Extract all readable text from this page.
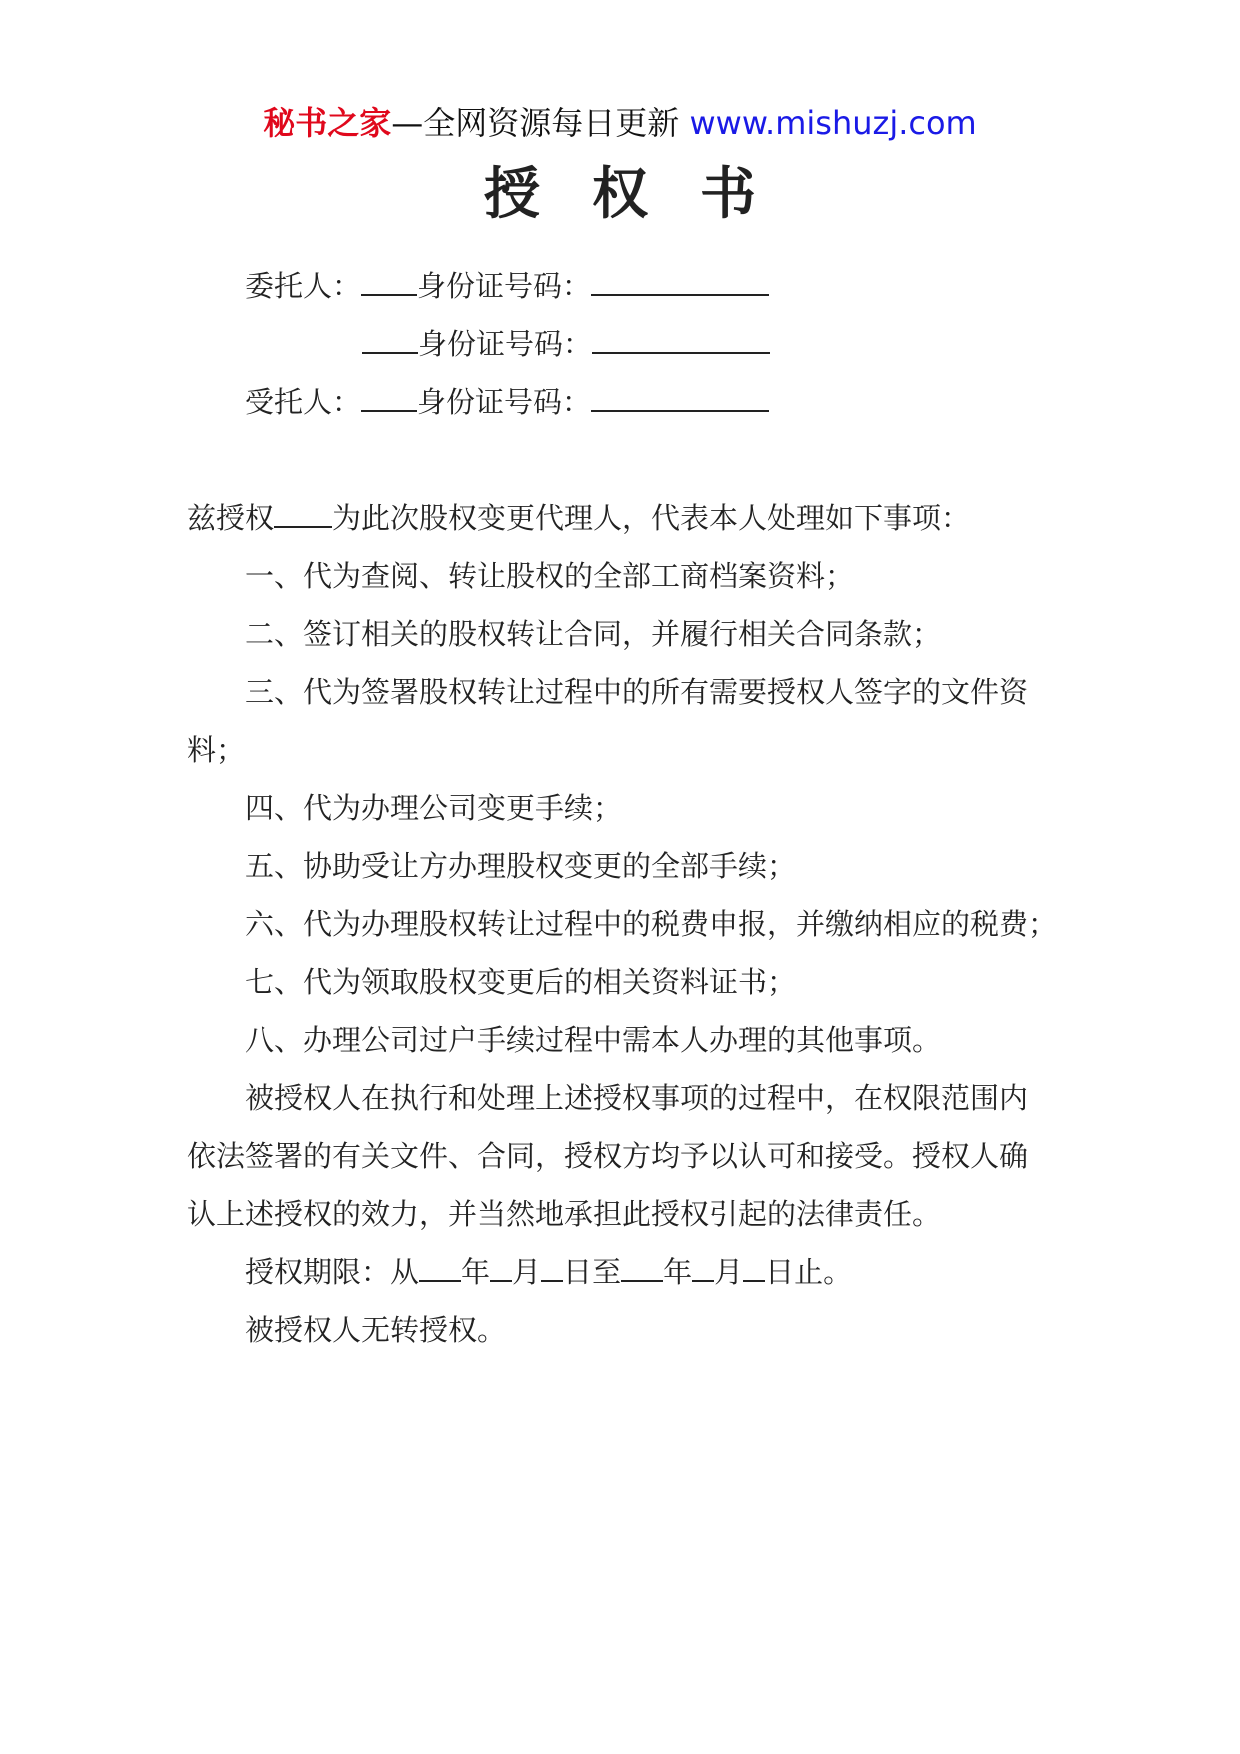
秘书之家—全网资源每日更新 www.mishuzj.com
授权书
委托人： 身份证号码：
身份证号码：
受托人： 身份证号码：
兹授权 为此次股权变更代理人，代表本人处理如下事项：
一、代为查阅、转让股权的全部工商档案资料；
二、签订相关的股权转让合同，并履行相关合同条款；
三、代为签署股权转让过程中的所有需要授权人签字的文件资
料；
四、代为办理公司变更手续；
五、协助受让方办理股权变更的全部手续；
六、代为办理股权转让过程中的税费申报，并缴纳相应的税费；
七、代为领取股权变更后的相关资料证书；
八、办理公司过户手续过程中需本人办理的其他事项。
被授权人在执行和处理上述授权事项的过程中，在权限范围内
依法签署的有关文件、合同，授权方均予以认可和接受。授权人确
认上述授权的效力，并当然地承担此授权引起的法律责任。
授权期限：从 年 月 日至 年 月 日止。
被授权人无转授权。
